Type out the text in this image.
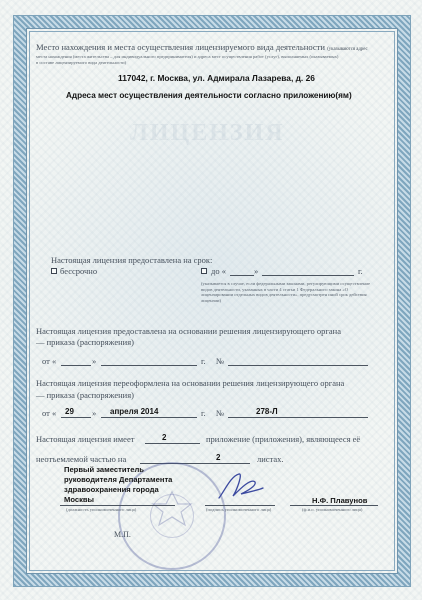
ЛИЦЕНЗИЯ
Место нахождения и места осуществления лицензируемого вида деятельности (указываются адрес
места нахождения (места жительства – для индивидуального предпринимателя) и адреса мест осуществления работ (услуг), выполняемых (оказываемых)
в составе лицензируемого вида деятельности)
117042, г. Москва, ул. Адмирала Лазарева, д. 26
Адреса мест осуществления деятельности согласно приложению(ям)
Настоящая лицензия предоставлена на срок:

бессрочно	до «	»	г.
(указывается в случае, если федеральными законами, регулирующими осуществление видов деятельности, указанных в части 4 статьи 1 Федерального закона «О лицензировании отдельных видов деятельности», предусмотрен иной срок действия лицензии)
Настоящая лицензия предоставлена на основании решения лицензирующего органа
— приказа (распоряжения)
от «	»	г. №
Настоящая лицензия переоформлена на основании решения лицензирующего органа
— приказа (распоряжения)
от « 29 » апреля 2014	г. №	278-Л
Настоящая лицензия имеет	2	приложение (приложения), являющееся её
неотъемлемой частью на	2	листах.
Первый заместитель
руководителя Департамента
здравоохранения города
Москвы
(должность уполномоченного лица)	(подпись уполномоченного лица)
Н.Ф. Плавунов
(ф.и.о. уполномоченного лица)
М.П.
